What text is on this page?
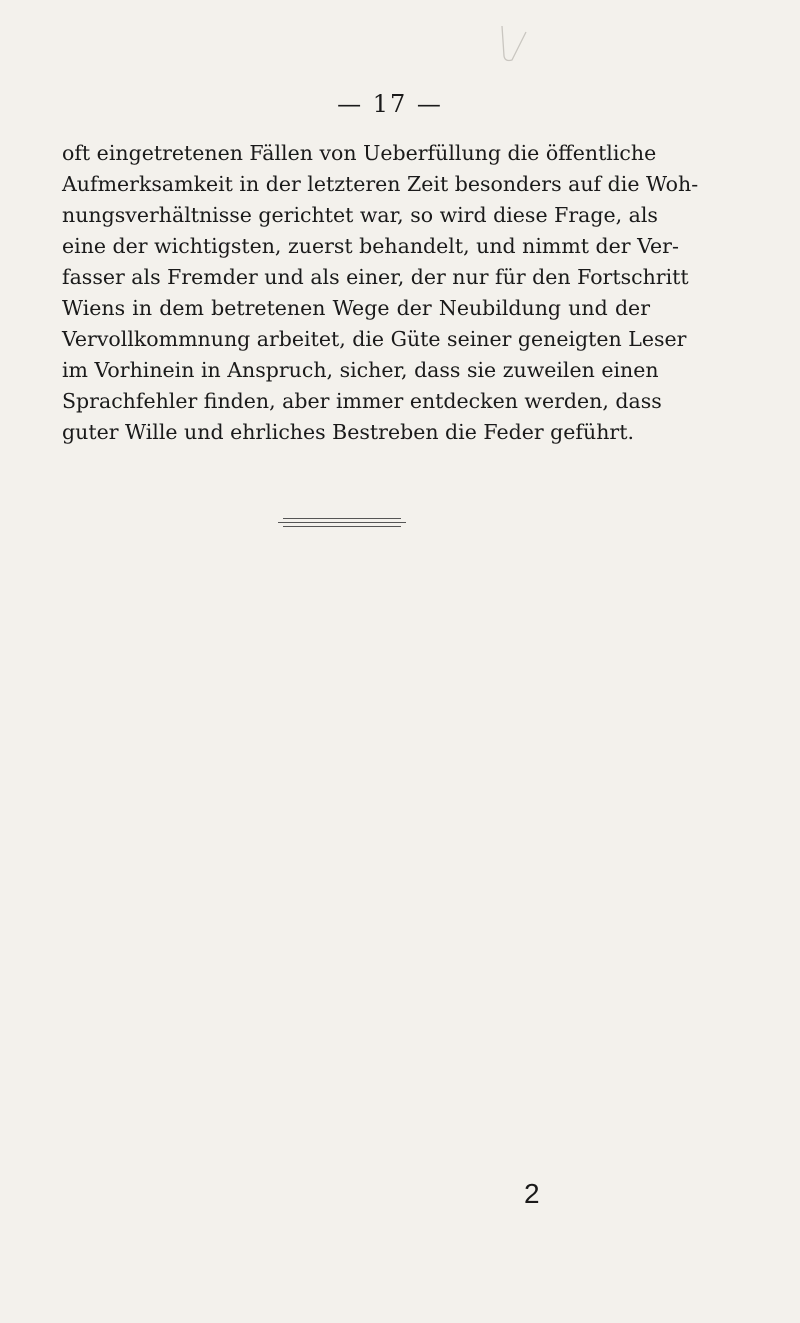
— 17 —
oft eingetretenen Fällen von Ueberfüllung die öffentliche
Aufmerksamkeit in der letzteren Zeit besonders auf die Woh-
nungsverhältnisse gerichtet war, so wird diese Frage, als
eine der wichtigsten, zuerst behandelt, und nimmt der Ver-
fasser als Fremder und als einer, der nur für den Fortschritt
Wiens in dem betretenen Wege der Neubildung und der
Vervollkommnung arbeitet, die Güte seiner geneigten Leser
im Vorhinein in Anspruch, sicher, dass sie zuweilen einen
Sprachfehler finden, aber immer entdecken werden, dass
guter Wille und ehrliches Bestreben die Feder geführt.
2
